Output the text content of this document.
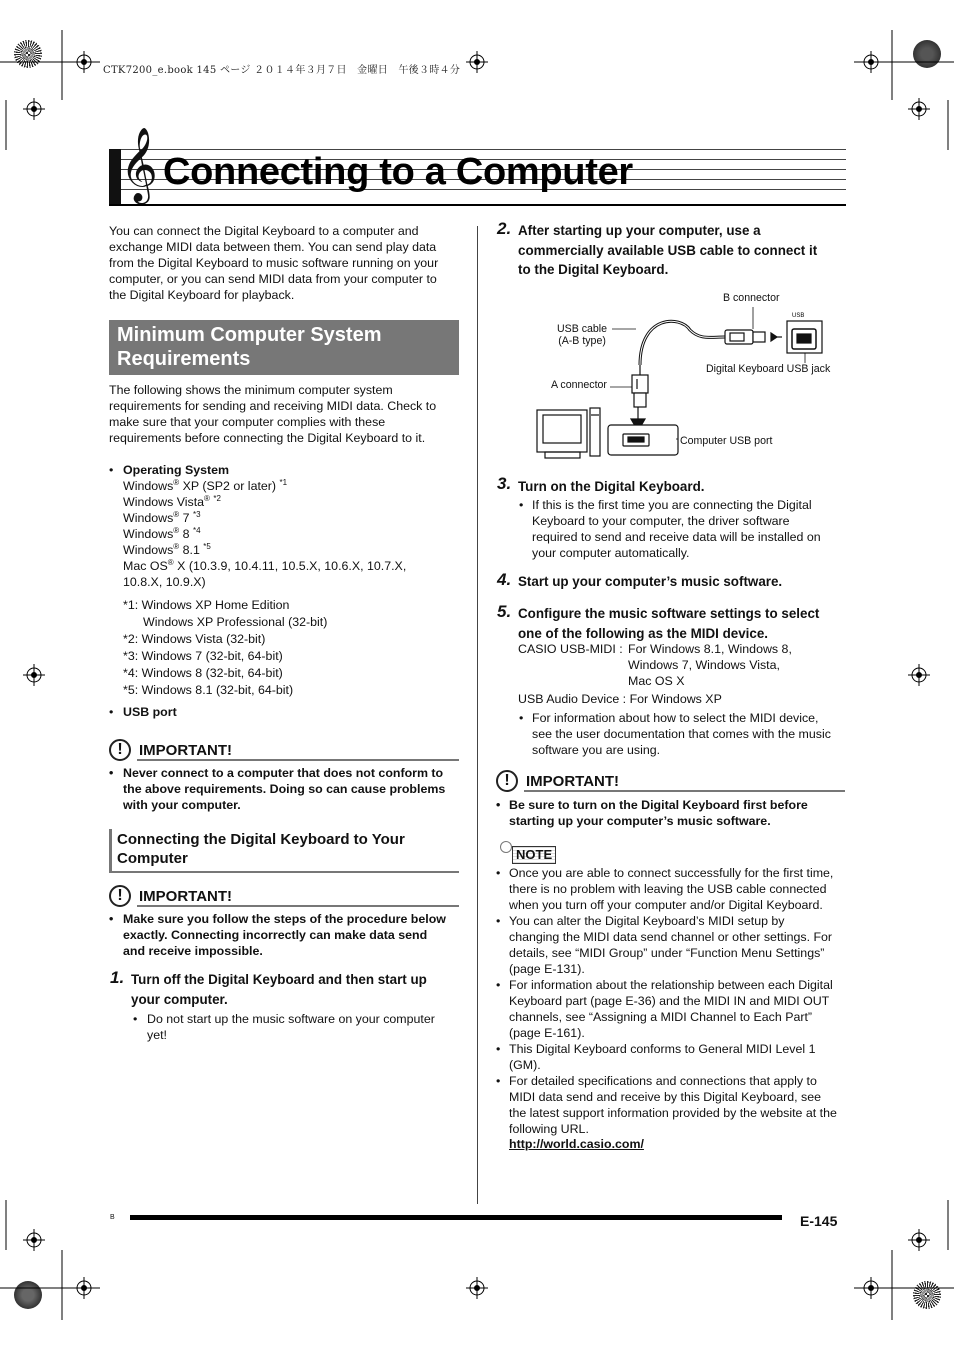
CTK7200_e.book 145 ページ ２０１４年３月７日　金曜日　午後３時４分
𝄞 Connecting to a Computer
You can connect the Digital Keyboard to a computer and exchange MIDI data between them. You can send play data from the Digital Keyboard to music software running on your computer, or you can send MIDI data from your computer to the Digital Keyboard for playback.
Minimum Computer System
Requirements
The following shows the minimum computer system requirements for sending and receiving MIDI data. Check to make sure that your computer complies with these requirements before connecting the Digital Keyboard to it.
• Operating System
Windows® XP (SP2 or later) $^{*1}$
Windows Vista® $^{*2}$
Windows® 7 $^{*3}$
Windows® 8 $^{*4}$
Windows® 8.1 $^{*5}$
Mac OS® X (10.3.9, 10.4.11, 10.5.X, 10.6.X, 10.7.X,
10.8.X, 10.9.X)
*1: Windows XP Home Edition
Windows XP Professional (32-bit)
*2: Windows Vista (32-bit)
*3: Windows 7 (32-bit, 64-bit)
*4: Windows 8 (32-bit, 64-bit)
*5: Windows 8.1 (32-bit, 64-bit)
• USB port
!	IMPORTANT!
• Never connect to a computer that does not conform to
the above requirements. Doing so can cause problems
with your computer.
Connecting the Digital Keyboard to Your
Computer
!	IMPORTANT!
• Make sure you follow the steps of the procedure below
exactly. Connecting incorrectly can make data send
and receive impossible.
1. Turn off the Digital Keyboard and then start up
your computer.
• Do not start up the music software on your computer
yet!
2. After starting up your computer, use a
commercially available USB cable to connect it
to the Digital Keyboard.
USB
B connector
USB cable
(A-B type)
A connector
Digital Keyboard USB jack
Computer USB port
3. Turn on the Digital Keyboard.
• If this is the first time you are connecting the Digital
Keyboard to your computer, the driver software
required to send and receive data will be installed on
your computer automatically.
4. Start up your computer’s music software.
5. Configure the music software settings to select
one of the following as the MIDI device.
CASIO USB-MIDI : For Windows 8.1, Windows 8,
Windows 7, Windows Vista,
Mac OS X
USB Audio Device : For Windows XP
• For information about how to select the MIDI device,
see the user documentation that comes with the music
software you are using.
!	IMPORTANT!
• Be sure to turn on the Digital Keyboard first before
starting up your computer’s music software.
NOTE
• Once you are able to connect successfully for the first time,
there is no problem with leaving the USB cable connected
when you turn off your computer and/or Digital Keyboard.
• You can alter the Digital Keyboard’s MIDI setup by
changing the MIDI data send channel or other settings. For
details, see “MIDI Group” under “Function Menu Settings”
(page E-131).
• For information about the relationship between each Digital
Keyboard part (page E-36) and the MIDI IN and MIDI OUT
channels, see “Assigning a MIDI Channel to Each Part”
(page E-161).
• This Digital Keyboard conforms to General MIDI Level 1
(GM).
• For detailed specifications and connections that apply to
MIDI data send and receive by this Digital Keyboard, see
the latest support information provided by the website at the
following URL.
http://world.casio.com/
B	E-145
